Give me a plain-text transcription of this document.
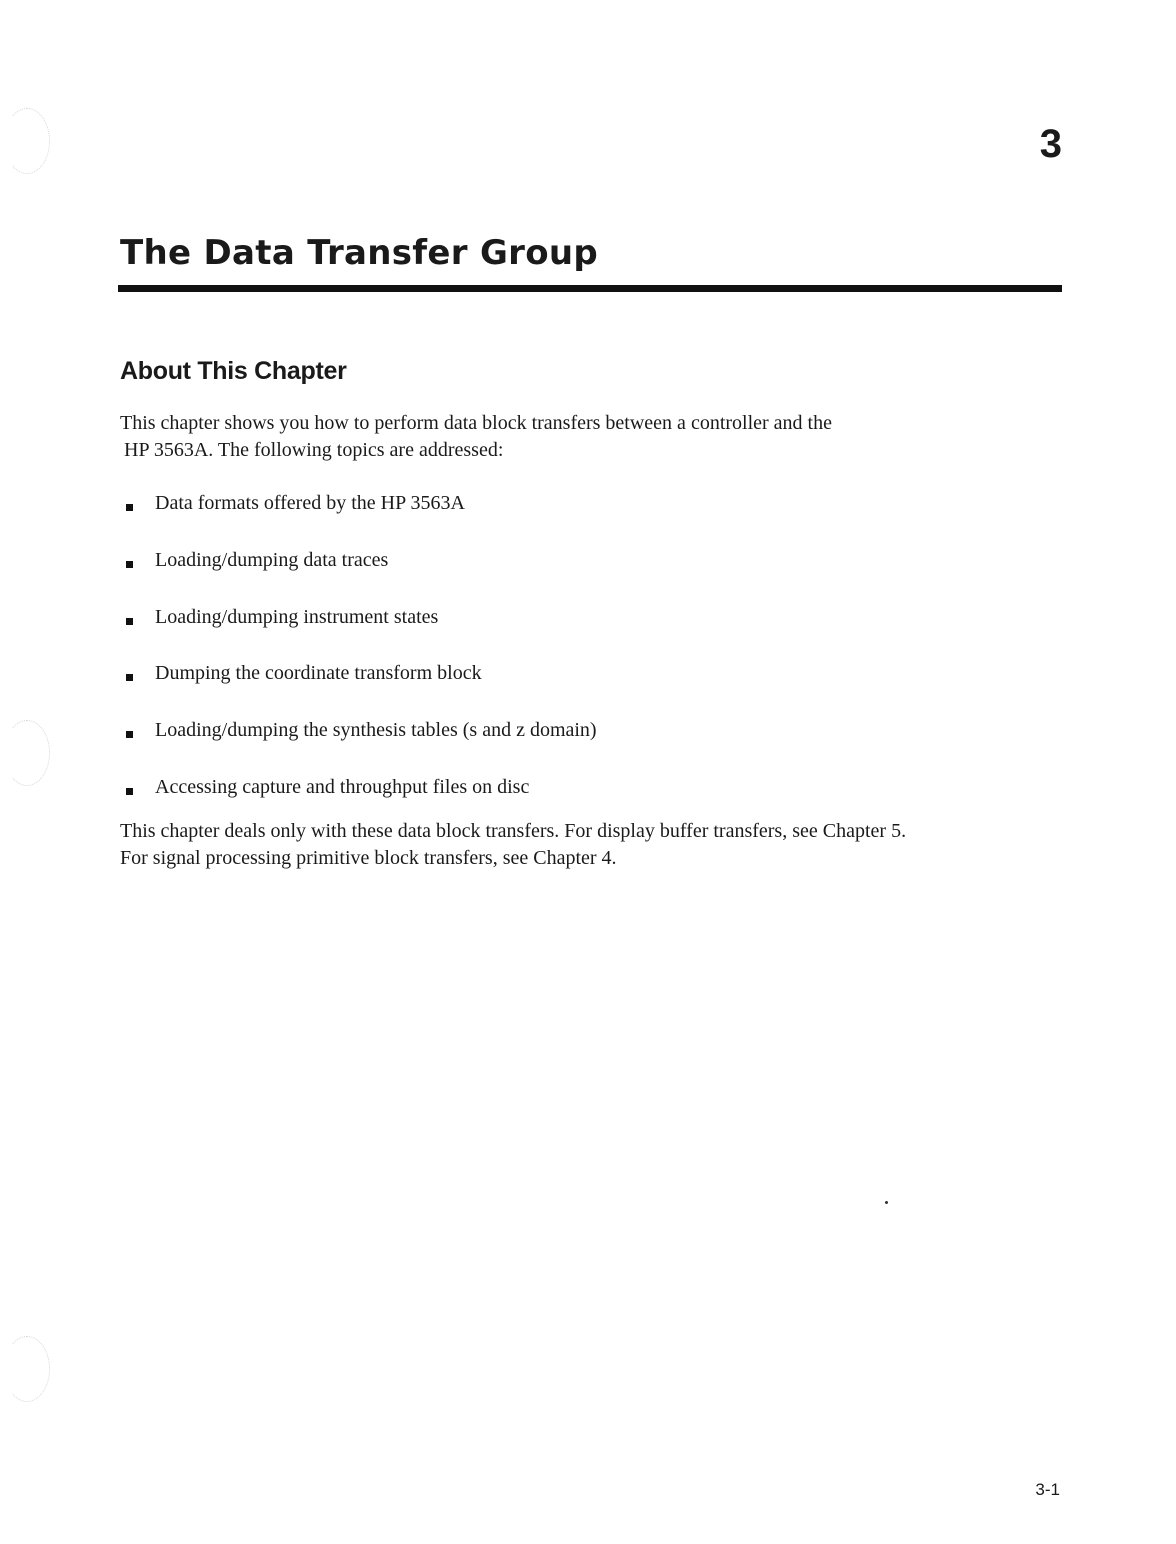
3
The Data Transfer Group
About This Chapter

This chapter shows you how to perform data block transfers between a controller and the
HP 3563A. The following topics are addressed:

Data formats offered by the HP 3563A
Loading/dumping data traces
Loading/dumping instrument states
Dumping the coordinate transform block
Loading/dumping the synthesis tables (s and z domain)
Accessing capture and throughput files on disc

This chapter deals only with these data block transfers. For display buffer transfers, see Chapter 5.
For signal processing primitive block transfers, see Chapter 4.

3-1
